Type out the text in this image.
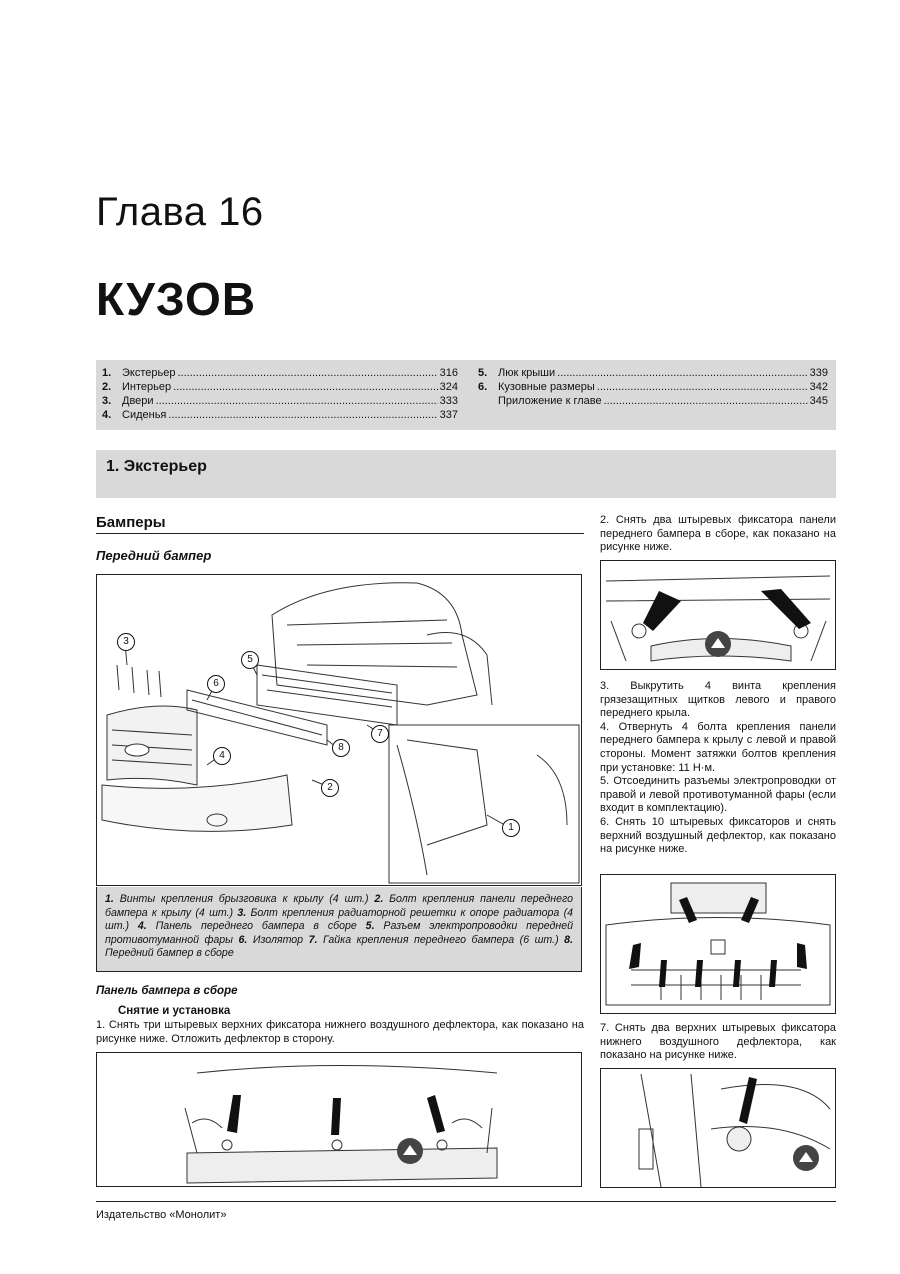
Глава 16
КУЗОВ
1. Экстерьер .....	316
2. Интерьер .....	324
3. Двери .....	333
4. Сиденья .....	337
5. Люк крыши .....	339
6. Кузовные размеры .....	342
Приложение к главе .....	345
1. Экстерьер
Бамперы
Передний бампер
3
5
6
4
2
8
7
1

1. Винты крепления брызговика к крылу (4 шт.) 2. Болт крепления панели переднего бампера к крылу (4 шт.) 3. Болт крепления радиаторной решетки к опоре радиатора (4 шт.) 4. Панель переднего бампера в сборе 5. Разъем электропроводки передней противотуманной фары 6. Изолятор 7. Гайка крепления переднего бампера (6 шт.) 8. Передний бампер в сборе

Панель бампера в сборе
Снятие и установка
1. Снять три штыревых верхних фиксатора нижнего воздушного дефлектора, как показано на рисунке ниже. Отложить дефлектор в сторону.
2. Снять два штыревых фиксатора панели переднего бампера в сборе, как показано на рисунке ниже.
3. Выкрутить 4 винта крепления грязезащитных щитков левого и правого переднего крыла.
4. Отвернуть 4 болта крепления панели переднего бампера к крылу с левой и правой стороны. Момент затяжки болтов крепления при установке: 11 Н·м.
5. Отсоединить разъемы электропроводки от правой и левой противотуманной фары (если входит в комплектацию).
6. Снять 10 штыревых фиксаторов и снять верхний воздушный дефлектор, как показано на рисунке ниже.
7. Снять два верхних штыревых фиксатора нижнего воздушного дефлектора, как показано на рисунке ниже.
Издательство «Монолит»
